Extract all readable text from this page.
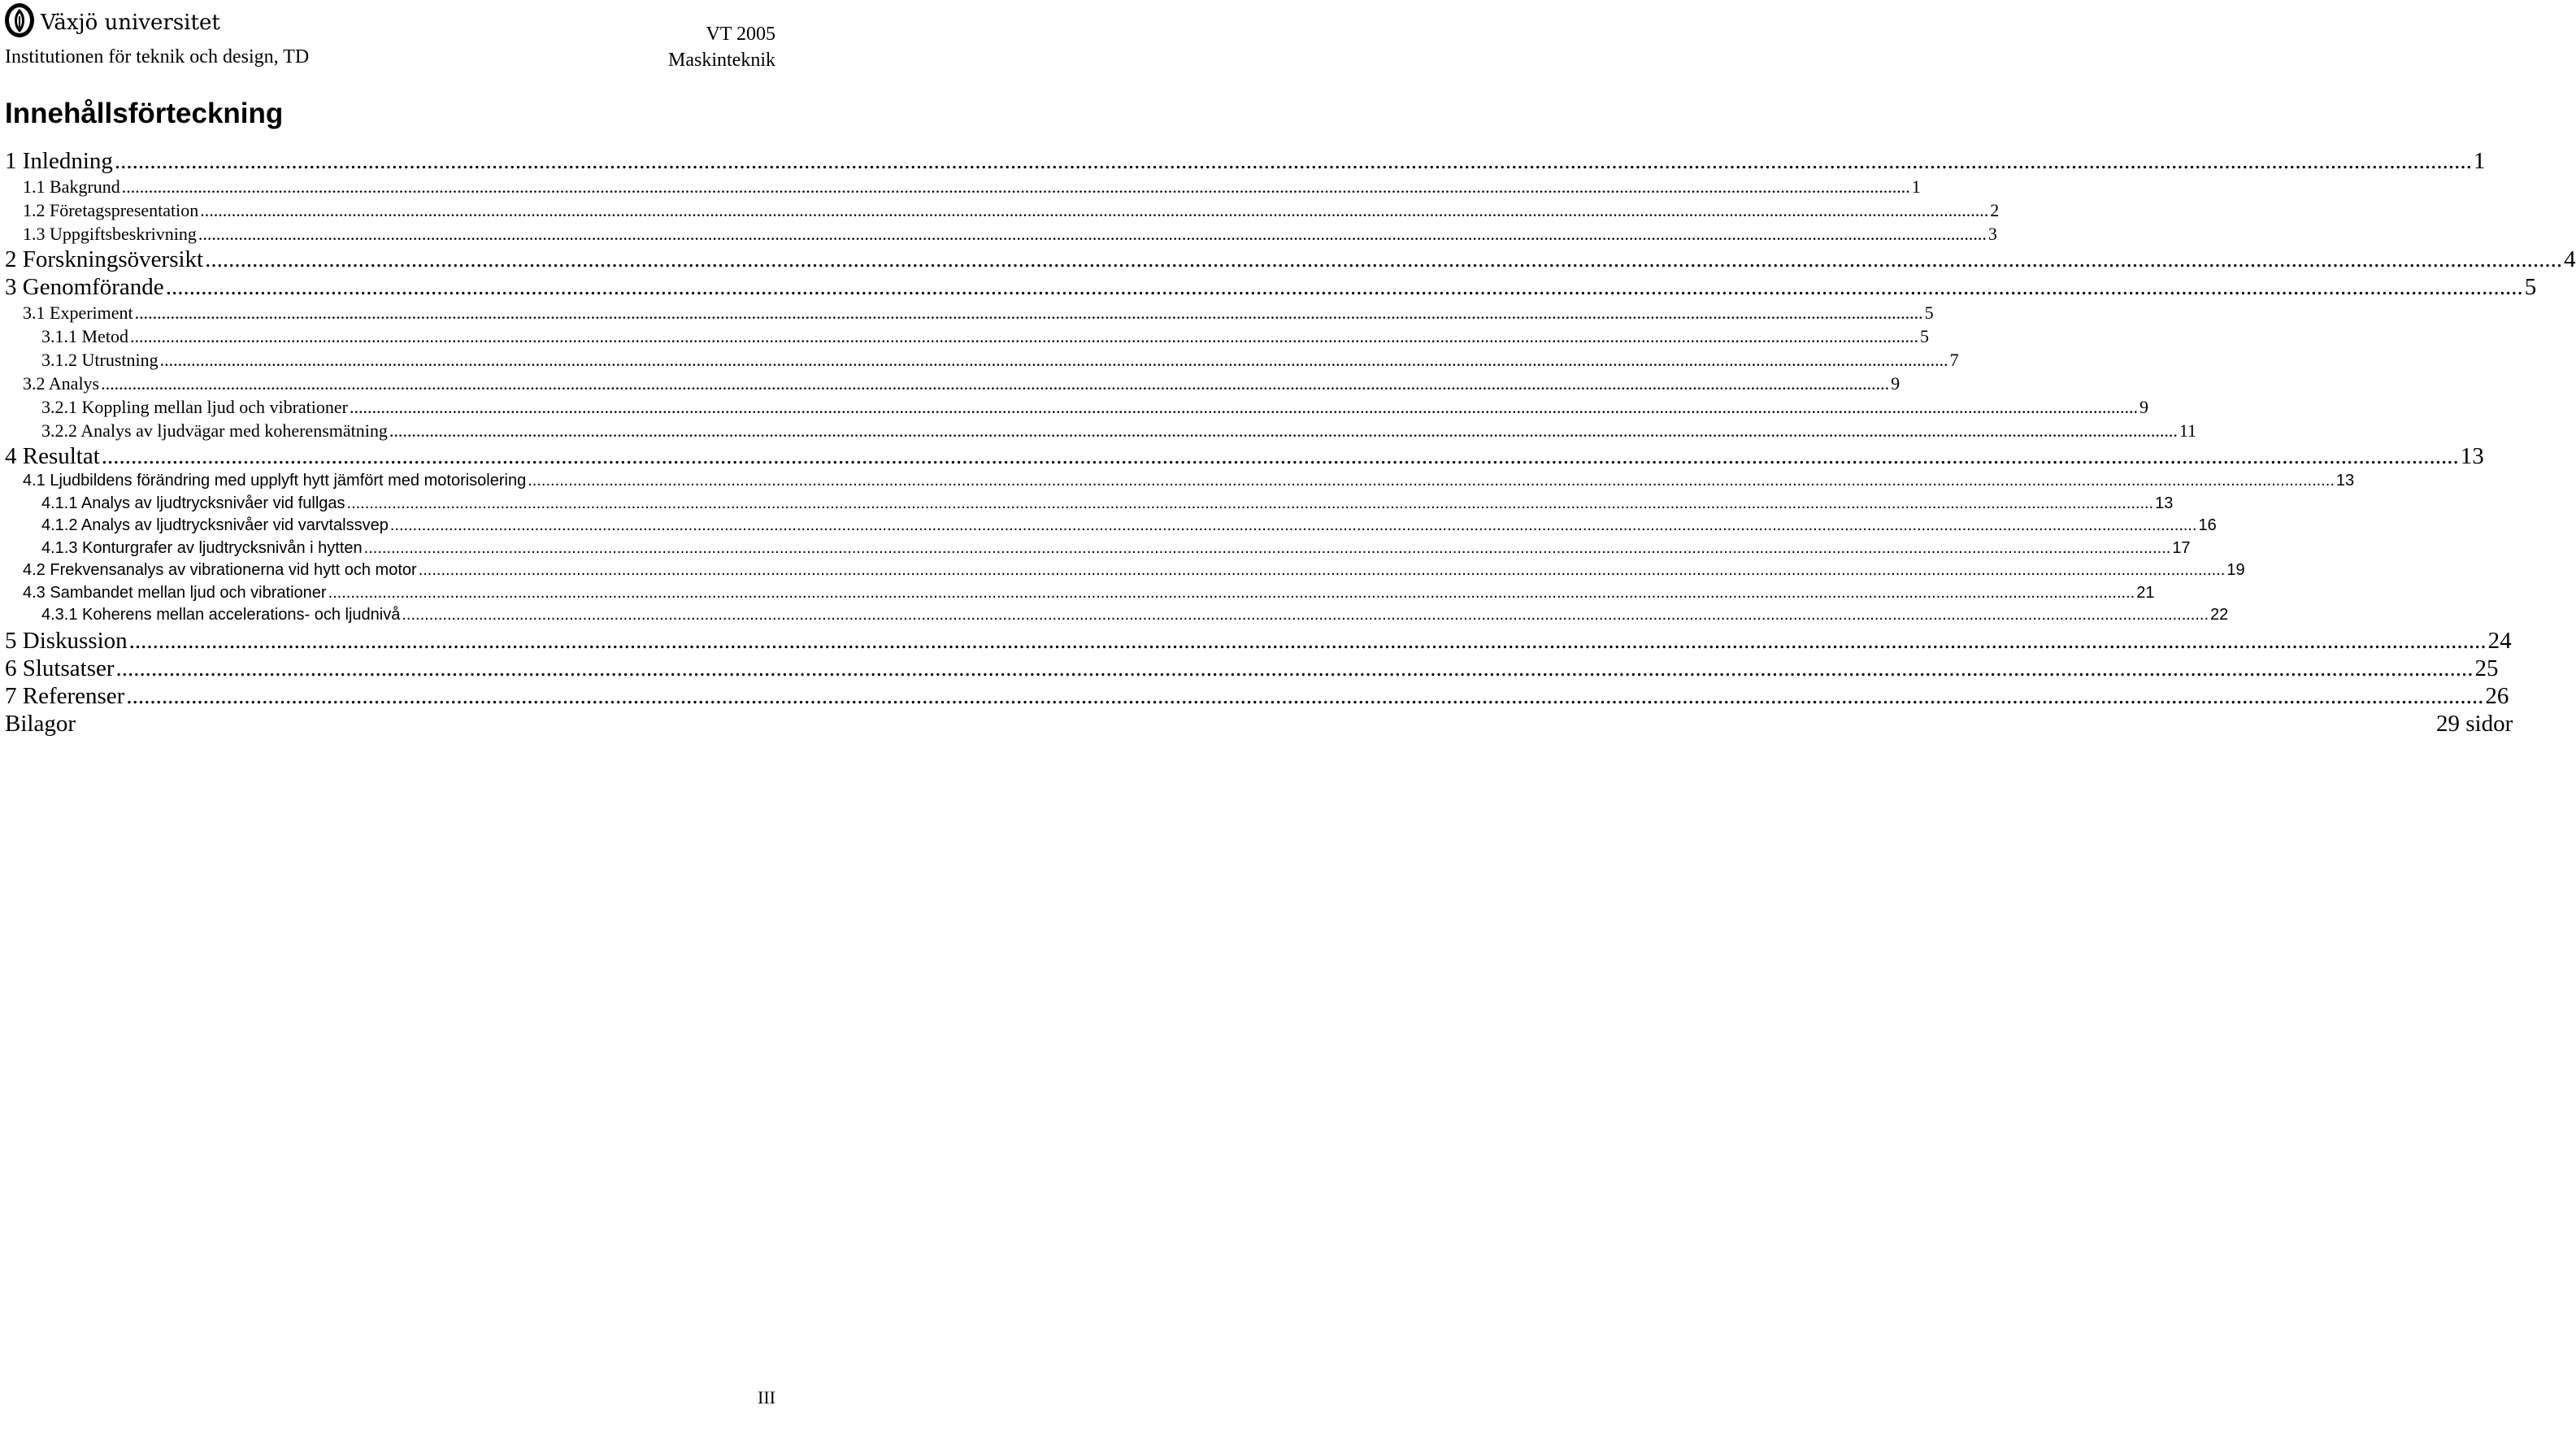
Växjö universitet
Institutionen för teknik och design, TD
VT 2005
Maskinteknik
Innehållsförteckning
1 Inledning ................................................................................................................................................................................................................................................................................................................................................................................................................ 1
1.1 Bakgrund ................................................................................................................................................................................................................................................................................................................................................................................................................ 1
1.2 Företagspresentation ................................................................................................................................................................................................................................................................................................................................................................................................................ 2
1.3 Uppgiftsbeskrivning ................................................................................................................................................................................................................................................................................................................................................................................................................ 3
2 Forskningsöversikt ................................................................................................................................................................................................................................................................................................................................................................................................................ 4
3 Genomförande ................................................................................................................................................................................................................................................................................................................................................................................................................ 5
3.1 Experiment ................................................................................................................................................................................................................................................................................................................................................................................................................ 5
3.1.1 Metod ................................................................................................................................................................................................................................................................................................................................................................................................................ 5
3.1.2 Utrustning ................................................................................................................................................................................................................................................................................................................................................................................................................ 7
3.2 Analys ................................................................................................................................................................................................................................................................................................................................................................................................................ 9
3.2.1 Koppling mellan ljud och vibrationer ................................................................................................................................................................................................................................................................................................................................................................................................................ 9
3.2.2 Analys av ljudvägar med koherensmätning ................................................................................................................................................................................................................................................................................................................................................................................................................ 11
4 Resultat ................................................................................................................................................................................................................................................................................................................................................................................................................ 13
4.1 Ljudbildens förändring med upplyft hytt jämfört med motorisolering ................................................................................................................................................................................................................................................................................................................................................................................................................ 13
4.1.1 Analys av ljudtrycksnivåer vid fullgas ................................................................................................................................................................................................................................................................................................................................................................................................................ 13
4.1.2 Analys av ljudtrycksnivåer vid varvtalssvep ................................................................................................................................................................................................................................................................................................................................................................................................................ 16
4.1.3 Konturgrafer av ljudtrycksnivån i hytten ................................................................................................................................................................................................................................................................................................................................................................................................................ 17
4.2 Frekvensanalys av vibrationerna vid hytt och motor ................................................................................................................................................................................................................................................................................................................................................................................................................ 19
4.3 Sambandet mellan ljud och vibrationer ................................................................................................................................................................................................................................................................................................................................................................................................................ 21
4.3.1 Koherens mellan accelerations- och ljudnivå ................................................................................................................................................................................................................................................................................................................................................................................................................ 22
5 Diskussion ................................................................................................................................................................................................................................................................................................................................................................................................................ 24
6 Slutsatser ................................................................................................................................................................................................................................................................................................................................................................................................................ 25
7 Referenser ................................................................................................................................................................................................................................................................................................................................................................................................................ 26
Bilagor	29 sidor
III
